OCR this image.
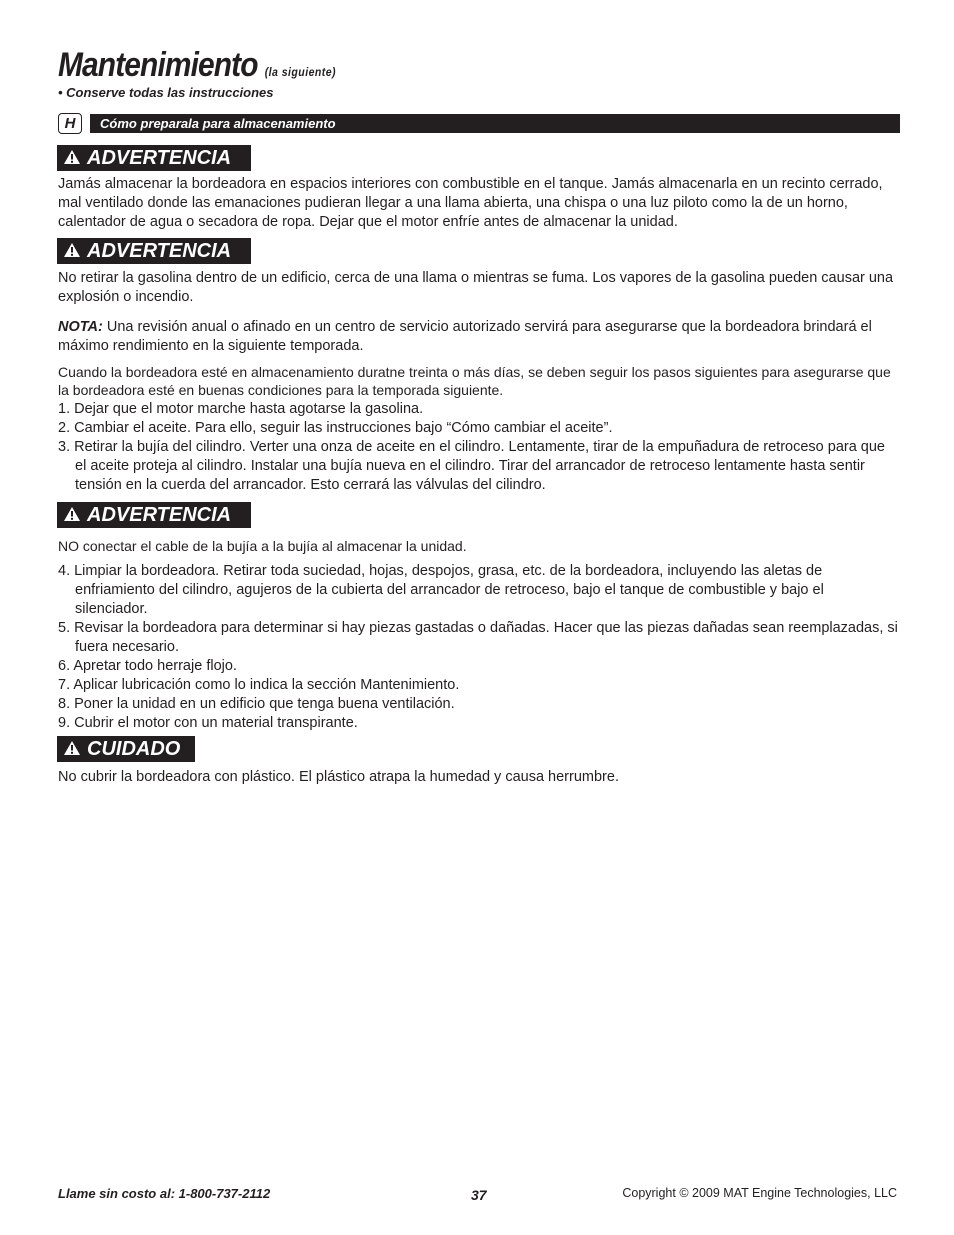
Mantenimiento (la siguiente)
• Conserve todas las instrucciones
H	Cómo preparala para almacenamiento
ADVERTENCIA

Jamás almacenar la bordeadora en espacios interiores con combustible en el tanque. Jamás almacenarla en un recinto cerrado, mal ventilado donde las emanaciones pudieran llegar a una llama abierta, una chispa o una luz piloto como la de un horno, calentador de agua o secadora de ropa. Dejar que el motor enfríe antes de almacenar la unidad.

ADVERTENCIA

No retirar la gasolina dentro de un edificio, cerca de una llama o mientras se fuma. Los vapores de la gasolina pueden causar una explosión o incendio.

NOTA: Una revisión anual o afinado en un centro de servicio autorizado servirá para asegurarse que la bordeadora brindará el máximo rendimiento en la siguiente temporada.

Cuando la bordeadora esté en almacenamiento duratne treinta o más días, se deben seguir los pasos siguientes para asegurarse que la bordeadora esté en buenas condiciones para la temporada siguiente.

1. Dejar que el motor marche hasta agotarse la gasolina.
2. Cambiar el aceite. Para ello, seguir las instrucciones bajo “Cómo cambiar el aceite”.
3. Retirar la bujía del cilindro. Verter una onza de aceite en el cilindro. Lentamente, tirar de la empuñadura de retroceso para que el aceite proteja al cilindro. Instalar una bujía nueva en el cilindro. Tirar del arrancador de retroceso lentamente hasta sentir tensión en la cuerda del arrancador. Esto cerrará las válvulas del cilindro.
ADVERTENCIA

NO conectar el cable de la bujía a la bujía al almacenar la unidad.

4. Limpiar la bordeadora. Retirar toda suciedad, hojas, despojos, grasa, etc. de la bordeadora, incluyendo las aletas de enfriamiento del cilindro, agujeros de la cubierta del arrancador de retroceso, bajo el tanque de combustible y bajo el silenciador.
5. Revisar la bordeadora para determinar si hay piezas gastadas o dañadas. Hacer que las piezas dañadas sean reemplazadas, si fuera necesario.
6. Apretar todo herraje flojo.
7. Aplicar lubricación como lo indica la sección Mantenimiento.
8. Poner la unidad en un edificio que tenga buena ventilación.
9. Cubrir el motor con un material transpirante.
CUIDADO

No cubrir la bordeadora con plástico. El plástico atrapa la humedad y causa herrumbre.

Llame sin costo al: 1-800-737-2112	37	Copyright © 2009 MAT Engine Technologies, LLC
